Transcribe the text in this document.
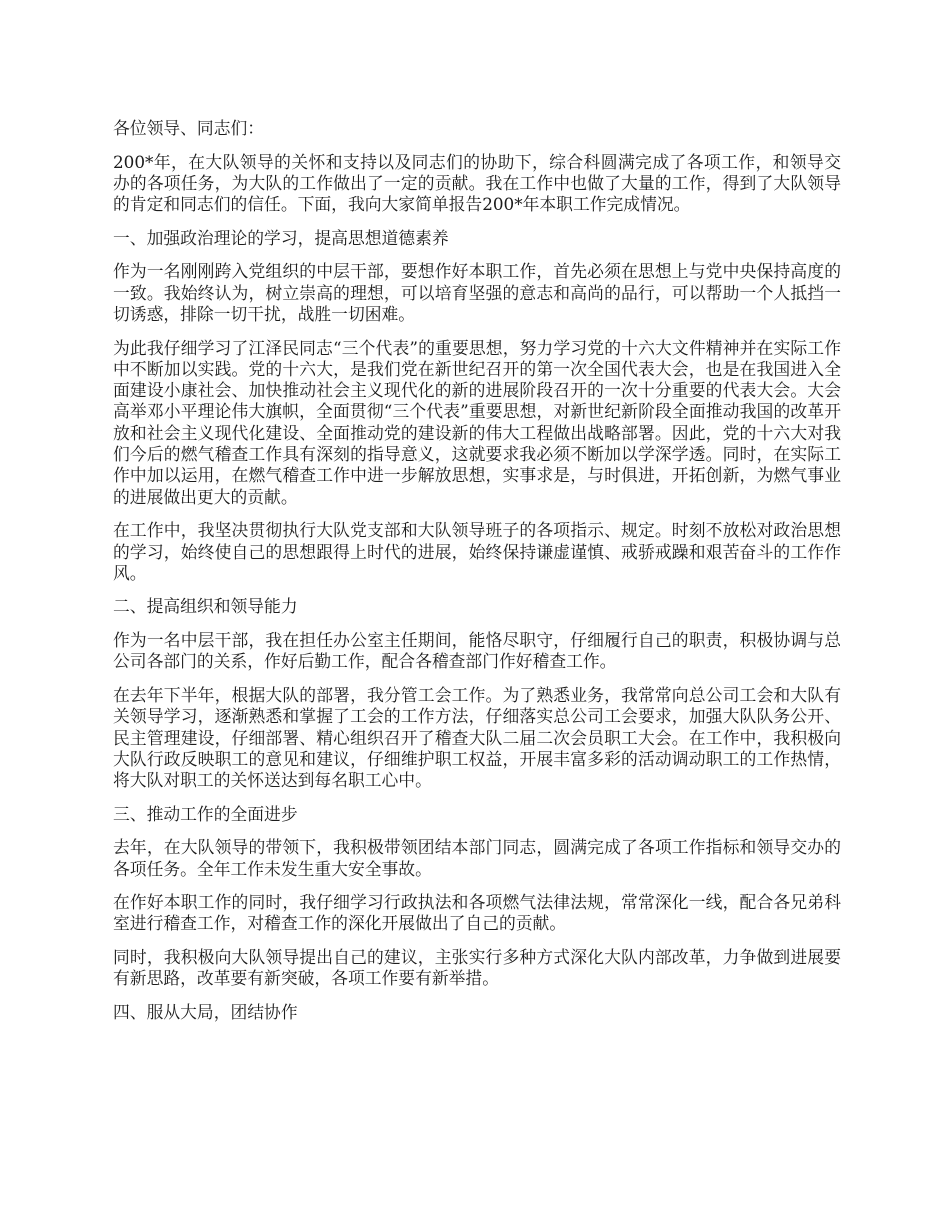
各位领导、同志们：

200*年，在大队领导的关怀和支持以及同志们的协助下，综合科圆满完成了各项工作，和领导交办的各项任务，为大队的工作做出了一定的贡献。我在工作中也做了大量的工作，得到了大队领导的肯定和同志们的信任。下面，我向大家简单报告200*年本职工作完成情况。

一、加强政治理论的学习，提高思想道德素养

作为一名刚刚跨入党组织的中层干部，要想作好本职工作，首先必须在思想上与党中央保持高度的一致。我始终认为，树立崇高的理想，可以培育坚强的意志和高尚的品行，可以帮助一个人抵挡一切诱惑，排除一切干扰，战胜一切困难。

为此我仔细学习了江泽民同志“三个代表”的重要思想，努力学习党的十六大文件精神并在实际工作中不断加以实践。党的十六大，是我们党在新世纪召开的第一次全国代表大会，也是在我国进入全面建设小康社会、加快推动社会主义现代化的新的进展阶段召开的一次十分重要的代表大会。大会高举邓小平理论伟大旗帜，全面贯彻“三个代表”重要思想，对新世纪新阶段全面推动我国的改革开放和社会主义现代化建设、全面推动党的建设新的伟大工程做出战略部署。因此，党的十六大对我们今后的燃气稽查工作具有深刻的指导意义，这就要求我必须不断加以学深学透。同时，在实际工作中加以运用，在燃气稽查工作中进一步解放思想，实事求是，与时俱进，开拓创新，为燃气事业的进展做出更大的贡献。

在工作中，我坚决贯彻执行大队党支部和大队领导班子的各项指示、规定。时刻不放松对政治思想的学习，始终使自己的思想跟得上时代的进展，始终保持谦虚谨慎、戒骄戒躁和艰苦奋斗的工作作风。

二、提高组织和领导能力

作为一名中层干部，我在担任办公室主任期间，能恪尽职守，仔细履行自己的职责，积极协调与总公司各部门的关系，作好后勤工作，配合各稽查部门作好稽查工作。

在去年下半年，根据大队的部署，我分管工会工作。为了熟悉业务，我常常向总公司工会和大队有关领导学习，逐渐熟悉和掌握了工会的工作方法，仔细落实总公司工会要求，加强大队队务公开、民主管理建设，仔细部署、精心组织召开了稽查大队二届二次会员职工大会。在工作中，我积极向大队行政反映职工的意见和建议，仔细维护职工权益，开展丰富多彩的活动调动职工的工作热情，将大队对职工的关怀送达到每名职工心中。

三、推动工作的全面进步

去年，在大队领导的带领下，我积极带领团结本部门同志，圆满完成了各项工作指标和领导交办的各项任务。全年工作未发生重大安全事故。

在作好本职工作的同时，我仔细学习行政执法和各项燃气法律法规，常常深化一线，配合各兄弟科室进行稽查工作，对稽查工作的深化开展做出了自己的贡献。

同时，我积极向大队领导提出自己的建议，主张实行多种方式深化大队内部改革，力争做到进展要有新思路，改革要有新突破，各项工作要有新举措。

四、服从大局，团结协作
